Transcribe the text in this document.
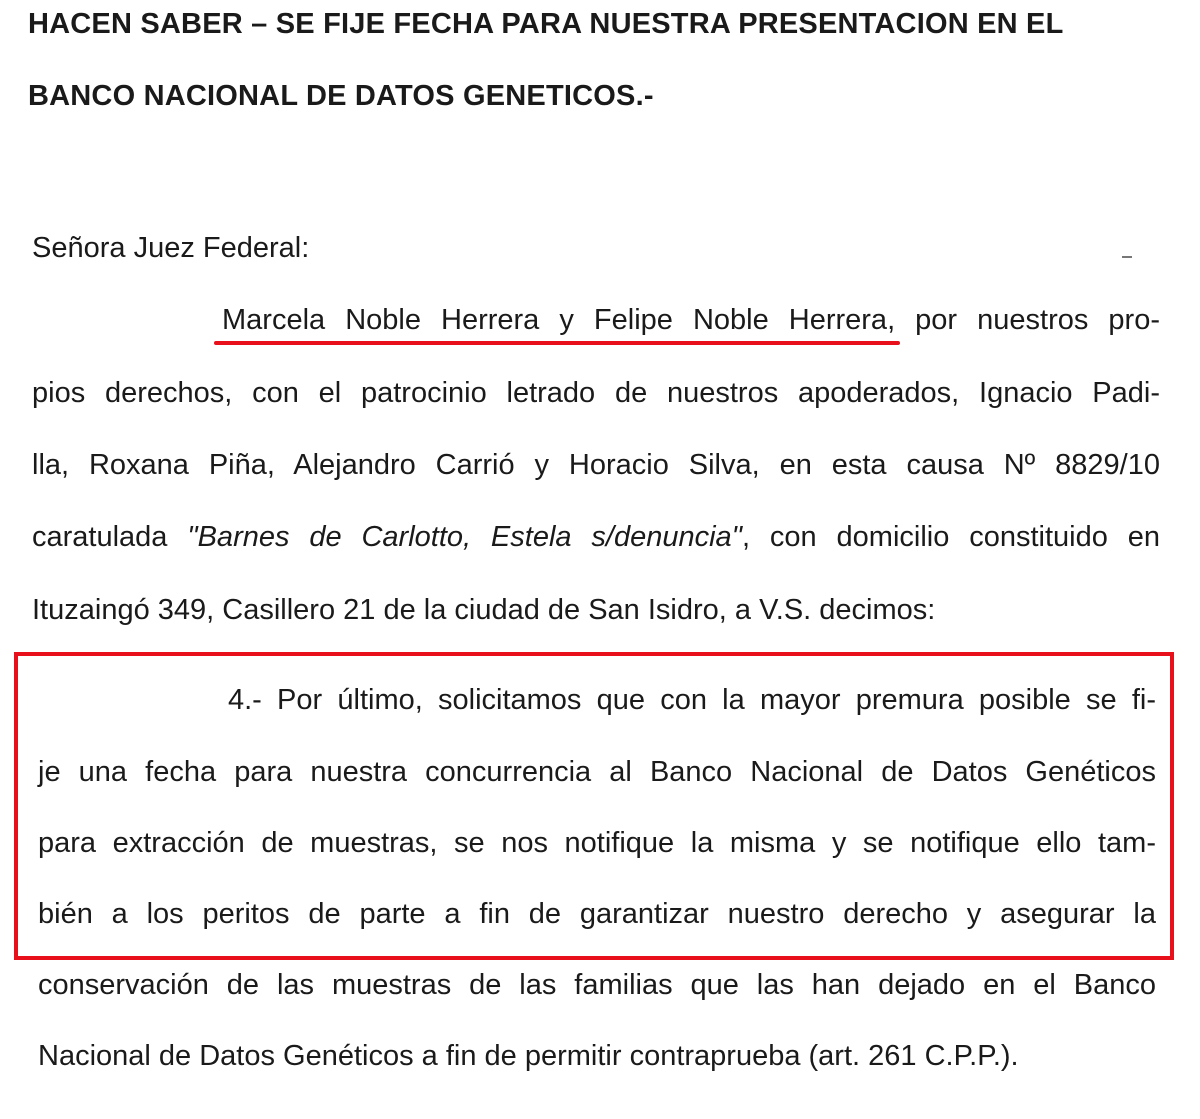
HACEN SABER – SE FIJE FECHA PARA NUESTRA PRESENTACION EN EL
BANCO NACIONAL DE DATOS GENETICOS.-
Señora Juez Federal:
Marcela Noble Herrera y Felipe Noble Herrera, por nuestros pro-
pios derechos, con el patrocinio letrado de nuestros apoderados, Ignacio Padi-
lla, Roxana Piña, Alejandro Carrió y Horacio Silva, en esta causa Nº 8829/10
caratulada "Barnes de Carlotto, Estela s/denuncia", con domicilio constituido en
Ituzaingó 349, Casillero 21 de la ciudad de San Isidro, a V.S. decimos:
4.- Por último, solicitamos que con la mayor premura posible se fi-
je una fecha para nuestra concurrencia al Banco Nacional de Datos Genéticos
para extracción de muestras, se nos notifique la misma y se notifique ello tam-
bién a los peritos de parte a fin de garantizar nuestro derecho y asegurar la
conservación de las muestras de las familias que las han dejado en el Banco
Nacional de Datos Genéticos a fin de permitir contraprueba (art. 261 C.P.P.).
